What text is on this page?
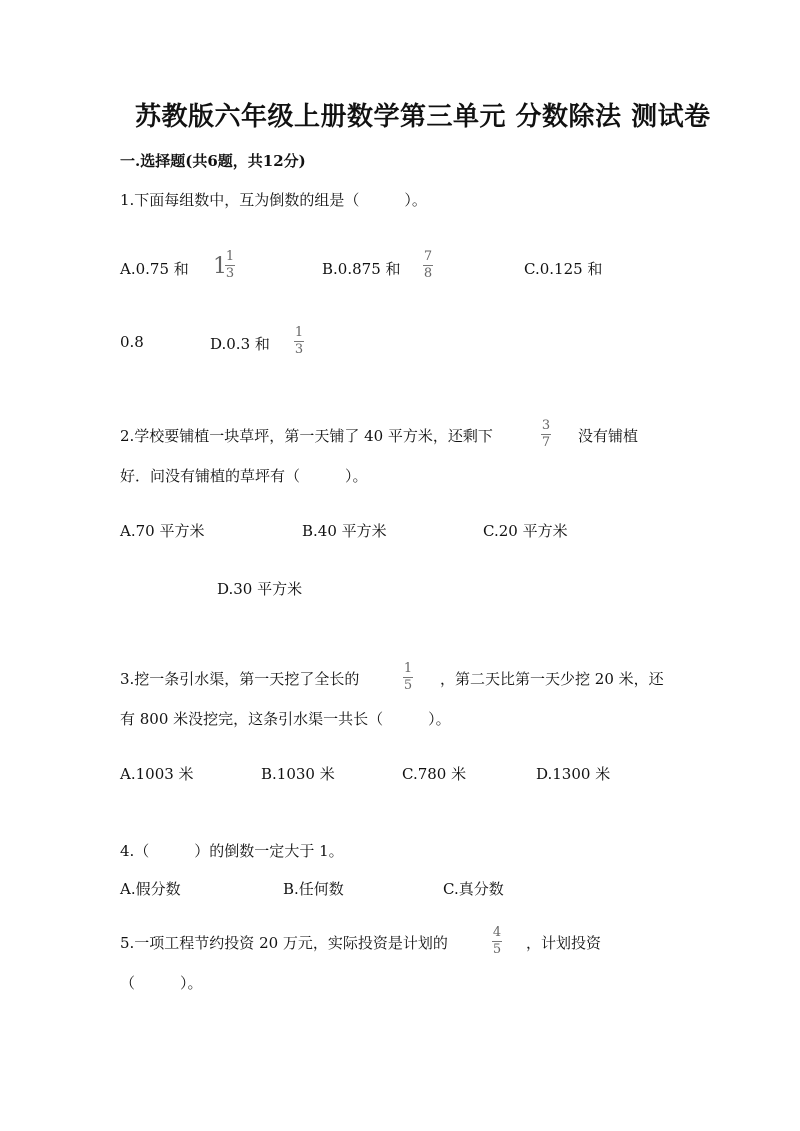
苏教版六年级上册数学第三单元 分数除法 测试卷
一.选择题(共6题，共12分)
1.下面每组数中，互为倒数的组是（　　　）。
A.0.75 和 1
1
3	B.0.875 和
7
8	C.0.125 和
0.8	D.0.3 和
1
3
2.学校要铺植一块草坪，第一天铺了 40 平方米，还剩下
3
7 没有铺植
好．问没有铺植的草坪有（　　　）。
A.70 平方米	B.40 平方米	C.20 平方米
D.30 平方米
3.挖一条引水渠，第一天挖了全长的
1
5 ，第二天比第一天少挖 20 米，还
有 800 米没挖完，这条引水渠一共长（　　　）。
A.1003 米	B.1030 米	C.780 米	D.1300 米
4.（　　　）的倒数一定大于 1。
A.假分数	B.任何数	C.真分数
5.一项工程节约投资 20 万元，实际投资是计划的
4
5 ，计划投资
（　　　）。
